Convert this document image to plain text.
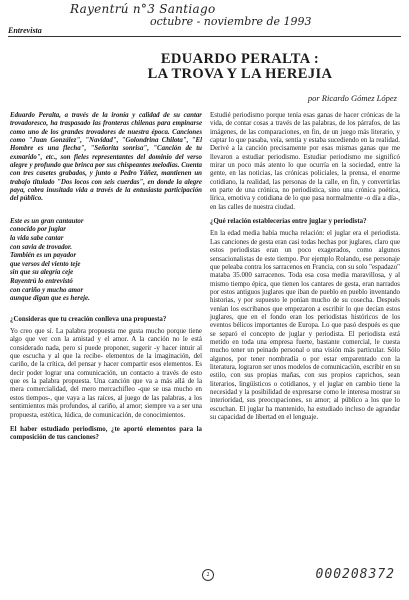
Rayentrú n°3 Santiago
octubre - noviembre de 1993
Entrevista
EDUARDO PERALTA :
LA TROVA Y LA HEREJIA
por Ricardo Gómez López

Eduardo Peralta, a través de la ironía y calidad de su cantar trovadoresco, ha traspasado las fronteras chilenas para empinarse como uno de los grandes trovadores de nuestra época. Canciones como "Juan González", "Navidad", "Golondrina Chilota", "El Hombre es una flecha", "Señorita sonrisa", "Canción de tu exmarido", etc., son fieles representantes del dominio del verso alegre y profundo que brinca por sus chispeantes melodías. Cuenta con tres casetes grabados, y junto a Pedro Yáñez, mantienen un trabajo titulado "Dos locos con seis cuerdas", en donde la alegre paya, cobra inusitada vida a través de la entusiasta participación del público.

Este es un gran cantautor
conocido por juglar
la vida sabe cantar
con savia de trovador.
También es un payador
que versos del viento teje
sin que su alegría ceje
Rayentrú lo entrevistó
con cariño y mucho amor
aunque digan que es hereje.

¿Consideras que tu creación conlleva una propuesta?

Yo creo que sí. La palabra propuesta me gusta mucho porque tiene algo que ver con la amistad y el amor. A la canción no le está considerado nada, pero sí puede proponer, sugerir -y hacer intuir al que escucha y al que la recibe- elementos de la imaginación, del cariño, de la crítica, del pensar y hacer compartir esos elementos. Es decir poder lograr una comunicación, un contacto a través de esto que es la palabra propuesta. Una canción que va a más allá de la mera comercialidad, del mero mercachifleo -que se usa mucho en estos tiempos-, que vaya a las raíces, al juego de las palabras, a los sentimientos más profundos, al cariño, al amor; siempre va a ser una propuesta, estética, lúdica, de comunicación, de conocimientos.

El haber estudiado periodismo, ¿te aportó elementos para la composición de tus canciones?

Estudié periodismo porque tenía esas ganas de hacer crónicas de la vida, de contar cosas a través de las palabras, de los párrafos, de las imágenes, de las comparaciones, en fin, de un juego más literario, y captar lo que pasaba, veía, sentía y estaba sucediendo en la realidad. Derivé a la canción precisamente por esas mismas ganas que me llevaron a estudiar periodismo. Estudiar periodismo me significó mirar un poco más atento lo que ocurría en la sociedad, entre la gente, en las noticias, las crónicas policiales, la prensa, el enorme cotidiano, la realidad, las personas de la calle, en fin, y convertirlas en parte de una crónica, no periodística, sino una crónica poética, lírica, emotiva y cotidiana de lo que pasa normalmente -o día a día-, en las calles de nuestra ciudad.

¿Qué relación establecerías entre juglar y periodista?

En la edad media había mucha relación: el juglar era el periodista. Las canciones de gesta eran casi todas hechas por juglares, claro que estos periodistas eran un poco exagerados, como algunos sensacionalistas de este tiempo. Por ejemplo Rolando, ese personaje que peleaba contra los sarracenos en Francia, con su solo "espadazo" mataba 35.000 sarracenos. Toda esa cosa media maravillosa, y al mismo tiempo épica, que tienen los cantares de gesta, eran narrados por estos antiguos juglares que iban de pueblo en pueblo inventando historias, y por supuesto le ponían mucho de su cosecha. Después venían los escribanos que empezaron a escribir lo que decían estos juglares, que en el fondo eran los periodistas históricos de los eventos bélicos importantes de Europa. Lo que pasó después es que se separó el concepto de juglar y periodista. El periodista está metido en toda una empresa fuerte, bastante comercial, le cuesta mucho tener un peinado personal o una visión más particular. Sólo algunos, por tener nombradía o por estar emparentado con la literatura, lograron ser unos modelos de comunicación, escribir en su estilo, con sus propias mañas, con sus propios caprichos, sean literarios, lingüísticos o cotidianos, y el juglar en cambio tiene la necesidad y la posibilidad de expresarse como le interesa mostrar su interioridad, sus preocupaciones, su amor; al público a los que lo escuchan. El juglar ha mantenido, ha estudiado incluso de agrandar su capacidad de libertad en el lenguaje.

2	000208372
